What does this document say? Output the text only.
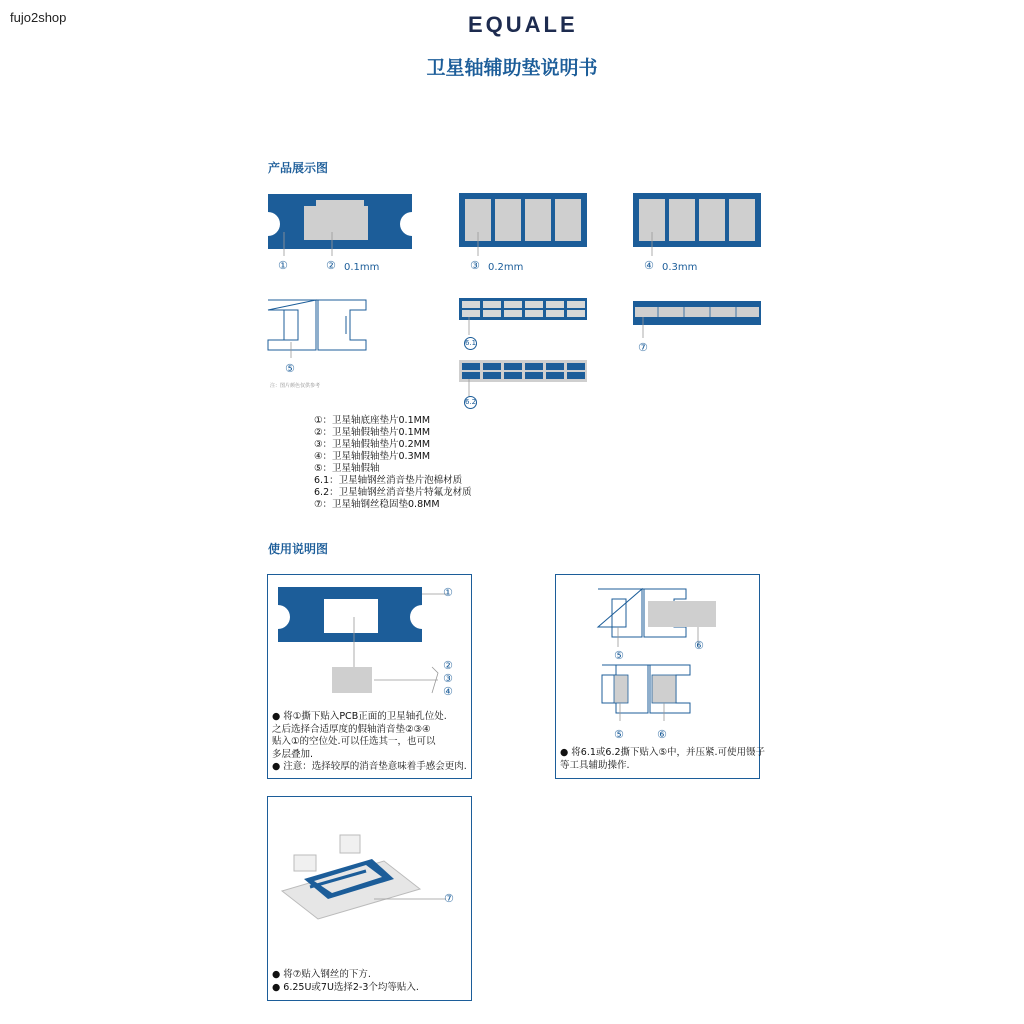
fujo2shop	EQUALE
卫星轴辅助垫说明书
产品展示图
①	② 0.1mm	③ 0.2mm	④ 0.3mm
⑤
注：图片颜色仅供参考
6.1
6.2
⑦
①：卫星轴底座垫片0.1MM
②：卫星轴假轴垫片0.1MM
③：卫星轴假轴垫片0.2MM
④：卫星轴假轴垫片0.3MM
⑤：卫星轴假轴
6.1：卫星轴钢丝消音垫片泡棉材质
6.2：卫星轴钢丝消音垫片特氟龙材质
⑦：卫星轴钢丝稳固垫0.8MM
使用说明图
①
②
③
④
● 将①撕下贴入PCB正面的卫星轴孔位处.
之后选择合适厚度的假轴消音垫②③④
贴入①的空位处.可以任选其一，也可以
多层叠加.
● 注意：选择较厚的消音垫意味着手感会更肉.
⑤
⑥
⑤	⑥
● 将6.1或6.2撕下贴入⑤中，并压紧.可使用镊子
等工具辅助操作.
⑦
● 将⑦贴入钢丝的下方.
● 6.25U或7U选择2-3个均等贴入.
